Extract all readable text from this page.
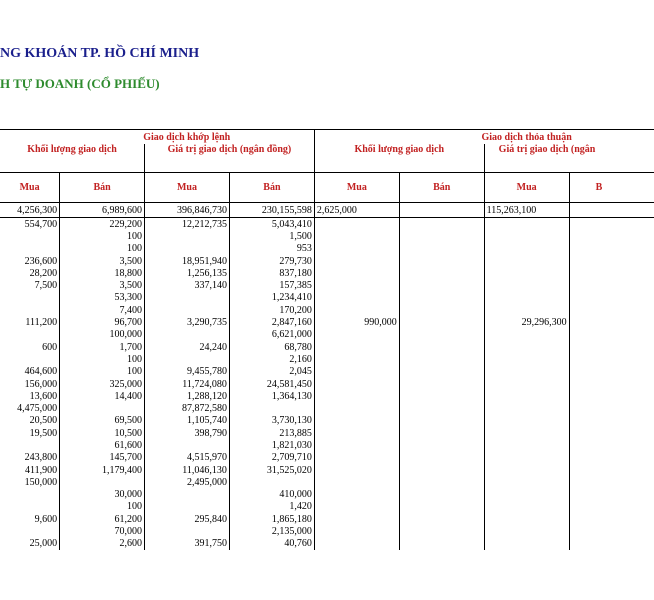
NG KHOÁN TP. HỒ CHÍ MINH
H TỰ DOANH (CỔ PHIẾU)
	Giao dịch khớp lệnh				Giao dịch thỏa thuận		

Khối lượng giao dịch		Giá trị giao dịch (ngân đồng)		Khối lượng giao dịch		Giá trị giao dịch (ngân	
Mua	Bán	Mua	Bán	Mua	Bán	Mua	B
4,256,300	6,989,600	396,846,730	230,155,598	2,625,000		115,263,100	
554,700	229,200	12,212,735	5,043,410				
	100		1,500				
	100		953				
236,600	3,500	18,951,940	279,730				
28,200	18,800	1,256,135	837,180				
7,500	3,500	337,140	157,385				
	53,300		1,234,410				
	7,400		170,200				
111,200	96,700	3,290,735	2,847,160	990,000		29,296,300	
	100,000		6,621,000				
600	1,700	24,240	68,780				
	100		2,160				
464,600	100	9,455,780	2,045				
156,000	325,000	11,724,080	24,581,450				
13,600	14,400	1,288,120	1,364,130				
4,475,000		87,872,580					
20,500	69,500	1,105,740	3,730,130				
19,500	10,500	398,790	213,885				
	61,600		1,821,030				
243,800	145,700	4,515,970	2,709,710				
411,900	1,179,400	11,046,130	31,525,020				
150,000		2,495,000					
	30,000		410,000				
	100		1,420				
9,600	61,200	295,840	1,865,180				
	70,000		2,135,000				
25,000	2,600	391,750	40,760				
